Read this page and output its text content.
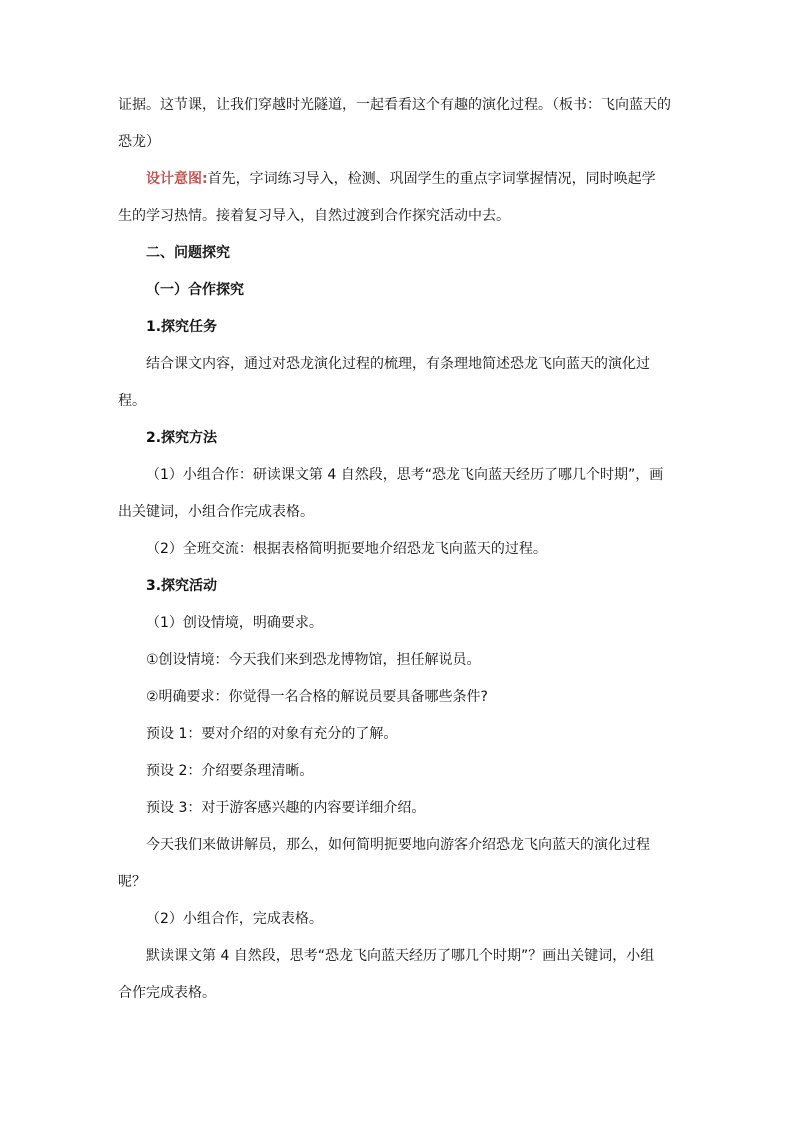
证据。这节课，让我们穿越时光隧道，一起看看这个有趣的演化过程。（板书：飞向蓝天的
恐龙）
设计意图:首先，字词练习导入，检测、巩固学生的重点字词掌握情况，同时唤起学
生的学习热情。接着复习导入，自然过渡到合作探究活动中去。
二、问题探究
（一）合作探究
1.探究任务
结合课文内容，通过对恐龙演化过程的梳理，有条理地简述恐龙飞向蓝天的演化过
程。
2.探究方法
（1）小组合作：研读课文第 4 自然段，思考“恐龙飞向蓝天经历了哪几个时期”，画
出关键词，小组合作完成表格。
（2）全班交流：根据表格简明扼要地介绍恐龙飞向蓝天的过程。
3.探究活动
（1）创设情境，明确要求。
①创设情境：今天我们来到恐龙博物馆，担任解说员。
②明确要求：你觉得一名合格的解说员要具备哪些条件?
预设 1：要对介绍的对象有充分的了解。
预设 2：介绍要条理清晰。
预设 3：对于游客感兴趣的内容要详细介绍。
今天我们来做讲解员，那么，如何简明扼要地向游客介绍恐龙飞向蓝天的演化过程
呢？
（2）小组合作，完成表格。
默读课文第 4 自然段，思考“恐龙飞向蓝天经历了哪几个时期”？画出关键词，小组
合作完成表格。
